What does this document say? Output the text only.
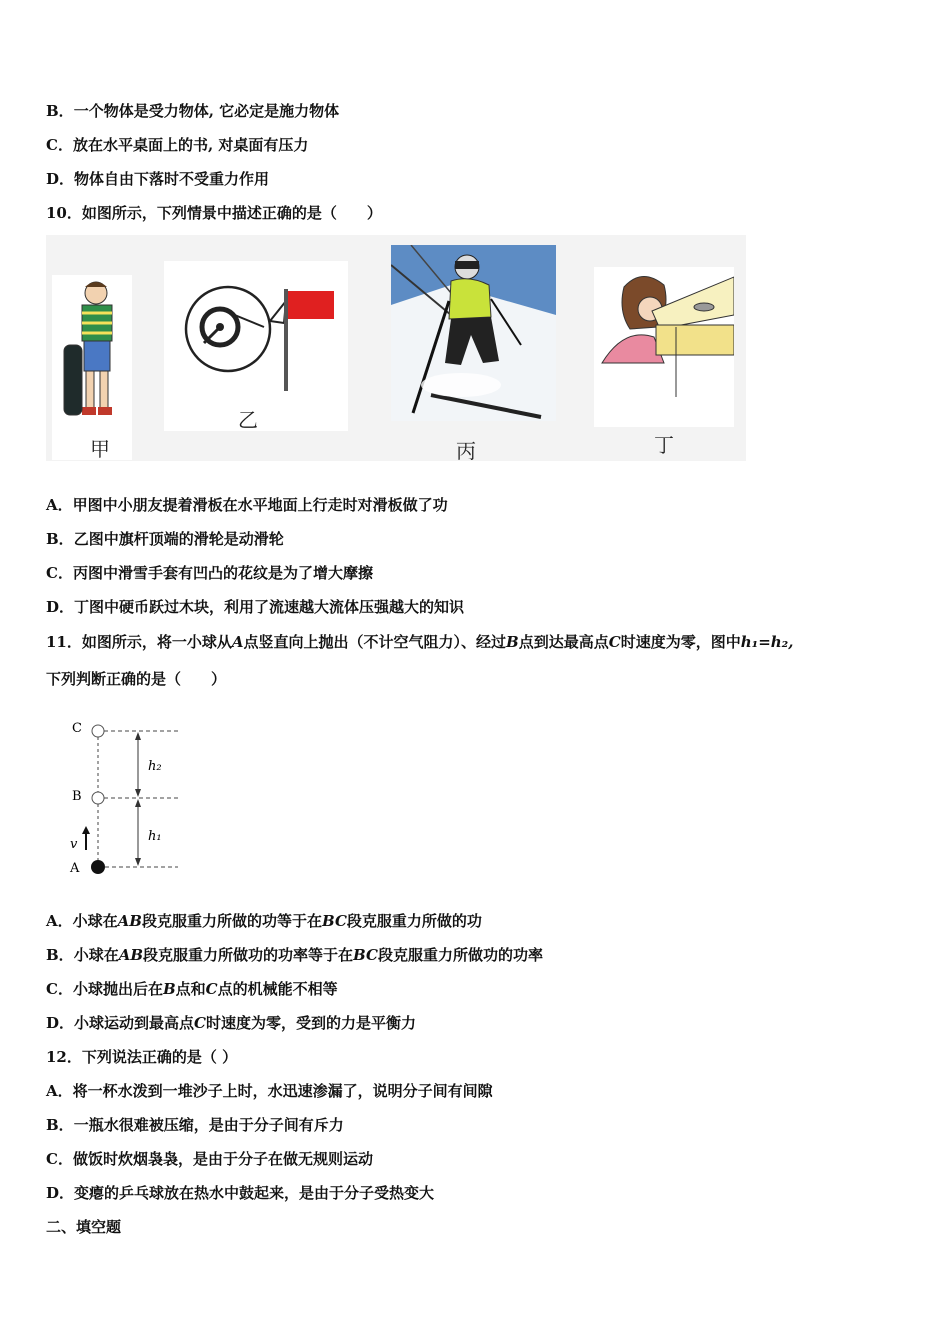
B．一个物体是受力物体, 它必定是施力物体
C．放在水平桌面上的书, 对桌面有压力
D．物体自由下落时不受重力作用
10．如图所示，下列情景中描述正确的是（　　）
甲
乙
丙	丁
A．甲图中小朋友提着滑板在水平地面上行走时对滑板做了功
B．乙图中旗杆顶端的滑轮是动滑轮
C．丙图中滑雪手套有凹凸的花纹是为了增大摩擦
D．丁图中硬币跃过木块，利用了流速越大流体压强越大的知识
11．如图所示，将一小球从A点竖直向上抛出（不计空气阻力）、经过B点到达最高点C时速度为零，图中h₁=h₂,
下列判断正确的是（　　）
C
B
A
h₂
h₁
v
A．小球在AB段克服重力所做的功等于在BC段克服重力所做的功
B．小球在AB段克服重力所做功的功率等于在BC段克服重力所做功的功率
C．小球抛出后在B点和C点的机械能不相等
D．小球运动到最高点C时速度为零，受到的力是平衡力
12．下列说法正确的是（ ）
A．将一杯水泼到一堆沙子上时，水迅速渗漏了，说明分子间有间隙
B．一瓶水很难被压缩，是由于分子间有斥力
C．做饭时炊烟袅袅，是由于分子在做无规则运动
D．变瘪的乒乓球放在热水中鼓起来，是由于分子受热变大
二、填空题
